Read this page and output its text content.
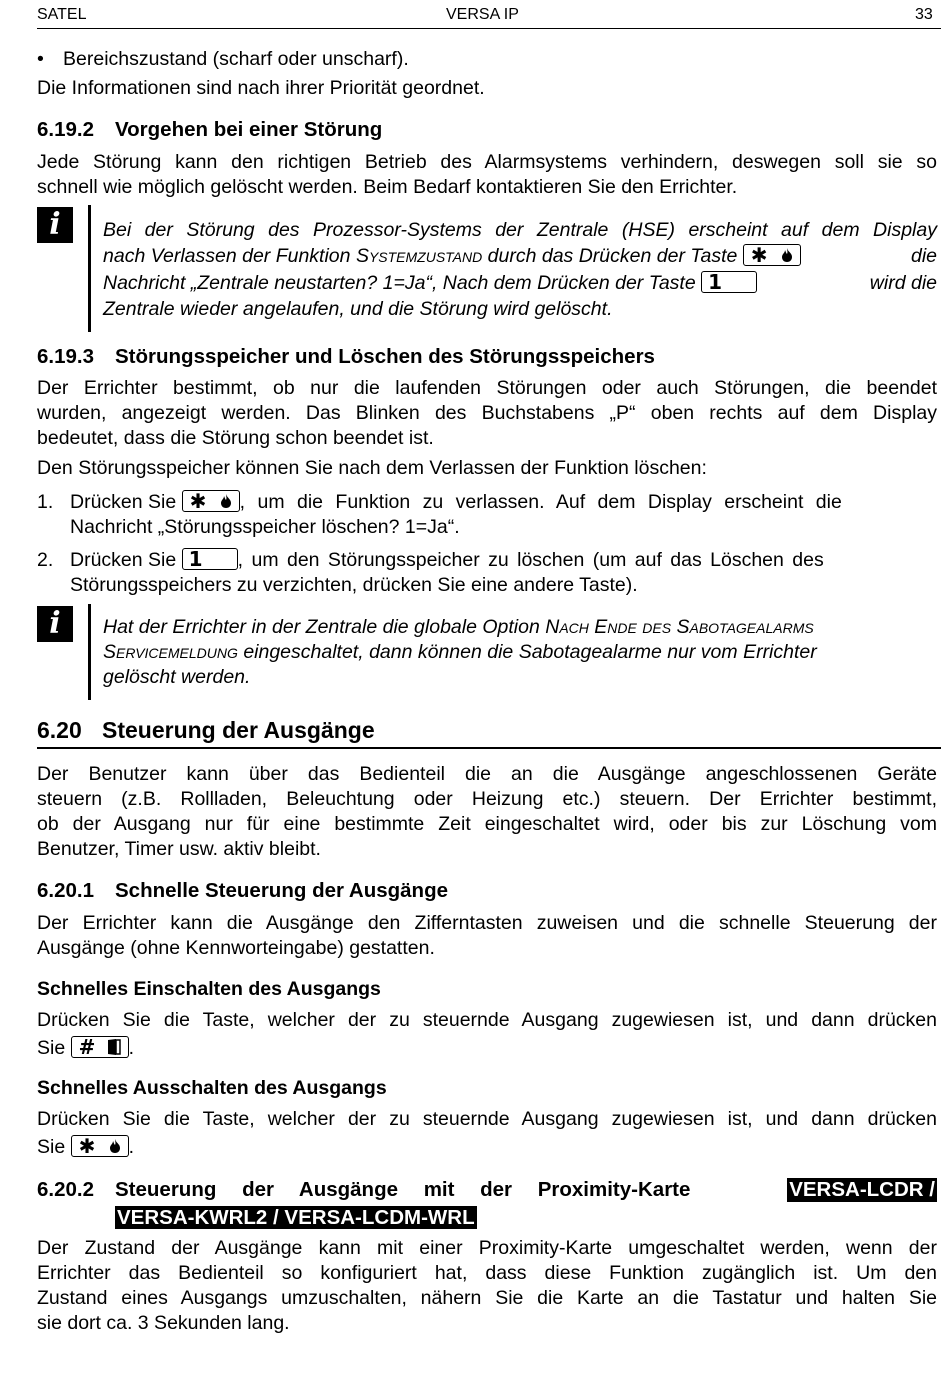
SATEL	VERSA IP	33
• Bereichszustand (scharf oder unscharf).
Die Informationen sind nach ihrer Priorität geordnet.
6.19.2 Vorgehen bei einer Störung
Jede Störung kann den richtigen Betrieb des Alarmsystems verhindern, deswegen soll sie so
schnell wie möglich gelöscht werden. Beim Bedarf kontaktieren Sie den Errichter.
i	Bei der Störung des Prozessor-Systems der Zentrale (HSE) erscheint auf dem Display
nach Verlassen der Funktion Systemzustand durch das Drücken der Taste ✱	die
Nachricht „Zentrale neustarten? 1=Ja“, Nach dem Drücken der Taste 1	wird die
Zentrale wieder angelaufen, und die Störung wird gelöscht.
6.19.3 Störungsspeicher und Löschen des Störungsspeichers
Der Errichter bestimmt, ob nur die laufenden Störungen oder auch Störungen, die beendet
wurden, angezeigt werden. Das Blinken des Buchstabens „P“ oben rechts auf dem Display
bedeutet, dass die Störung schon beendet ist.
Den Störungsspeicher können Sie nach dem Verlassen der Funktion löschen:
1. Drücken Sie ✱ , um die Funktion zu verlassen. Auf dem Display erscheint die
Nachricht „Störungsspeicher löschen? 1=Ja“.
2. Drücken Sie 1 , um den Störungsspeicher zu löschen (um auf das Löschen des
Störungsspeichers zu verzichten, drücken Sie eine andere Taste).
i	Hat der Errichter in der Zentrale die globale Option Nach Ende des Sabotagealarms
Servicemeldung eingeschaltet, dann können die Sabotagealarme nur vom Errichter
gelöscht werden.
6.20 Steuerung der Ausgänge
Der Benutzer kann über das Bedienteil die an die Ausgänge angeschlossenen Geräte
steuern (z.B. Rollladen, Beleuchtung oder Heizung etc.) steuern. Der Errichter bestimmt,
ob der Ausgang nur für eine bestimmte Zeit eingeschaltet wird, oder bis zur Löschung vom
Benutzer, Timer usw. aktiv bleibt.
6.20.1 Schnelle Steuerung der Ausgänge
Der Errichter kann die Ausgänge den Zifferntasten zuweisen und die schnelle Steuerung der
Ausgänge (ohne Kennworteingabe) gestatten.
Schnelles Einschalten des Ausgangs
Drücken Sie die Taste, welcher der zu steuernde Ausgang zugewiesen ist, und dann drücken
Sie # .
Schnelles Ausschalten des Ausgangs
Drücken Sie die Taste, welcher der zu steuernde Ausgang zugewiesen ist, und dann drücken
Sie ✱ .
6.20.2 Steuerung der Ausgänge mit der Proximity-Karte	VERSA-LCDR /
VERSA-KWRL2 / VERSA-LCDM-WRL
Der Zustand der Ausgänge kann mit einer Proximity-Karte umgeschaltet werden, wenn der
Errichter das Bedienteil so konfiguriert hat, dass diese Funktion zugänglich ist. Um den
Zustand eines Ausgangs umzuschalten, nähern Sie die Karte an die Tastatur und halten Sie
sie dort ca. 3 Sekunden lang.
